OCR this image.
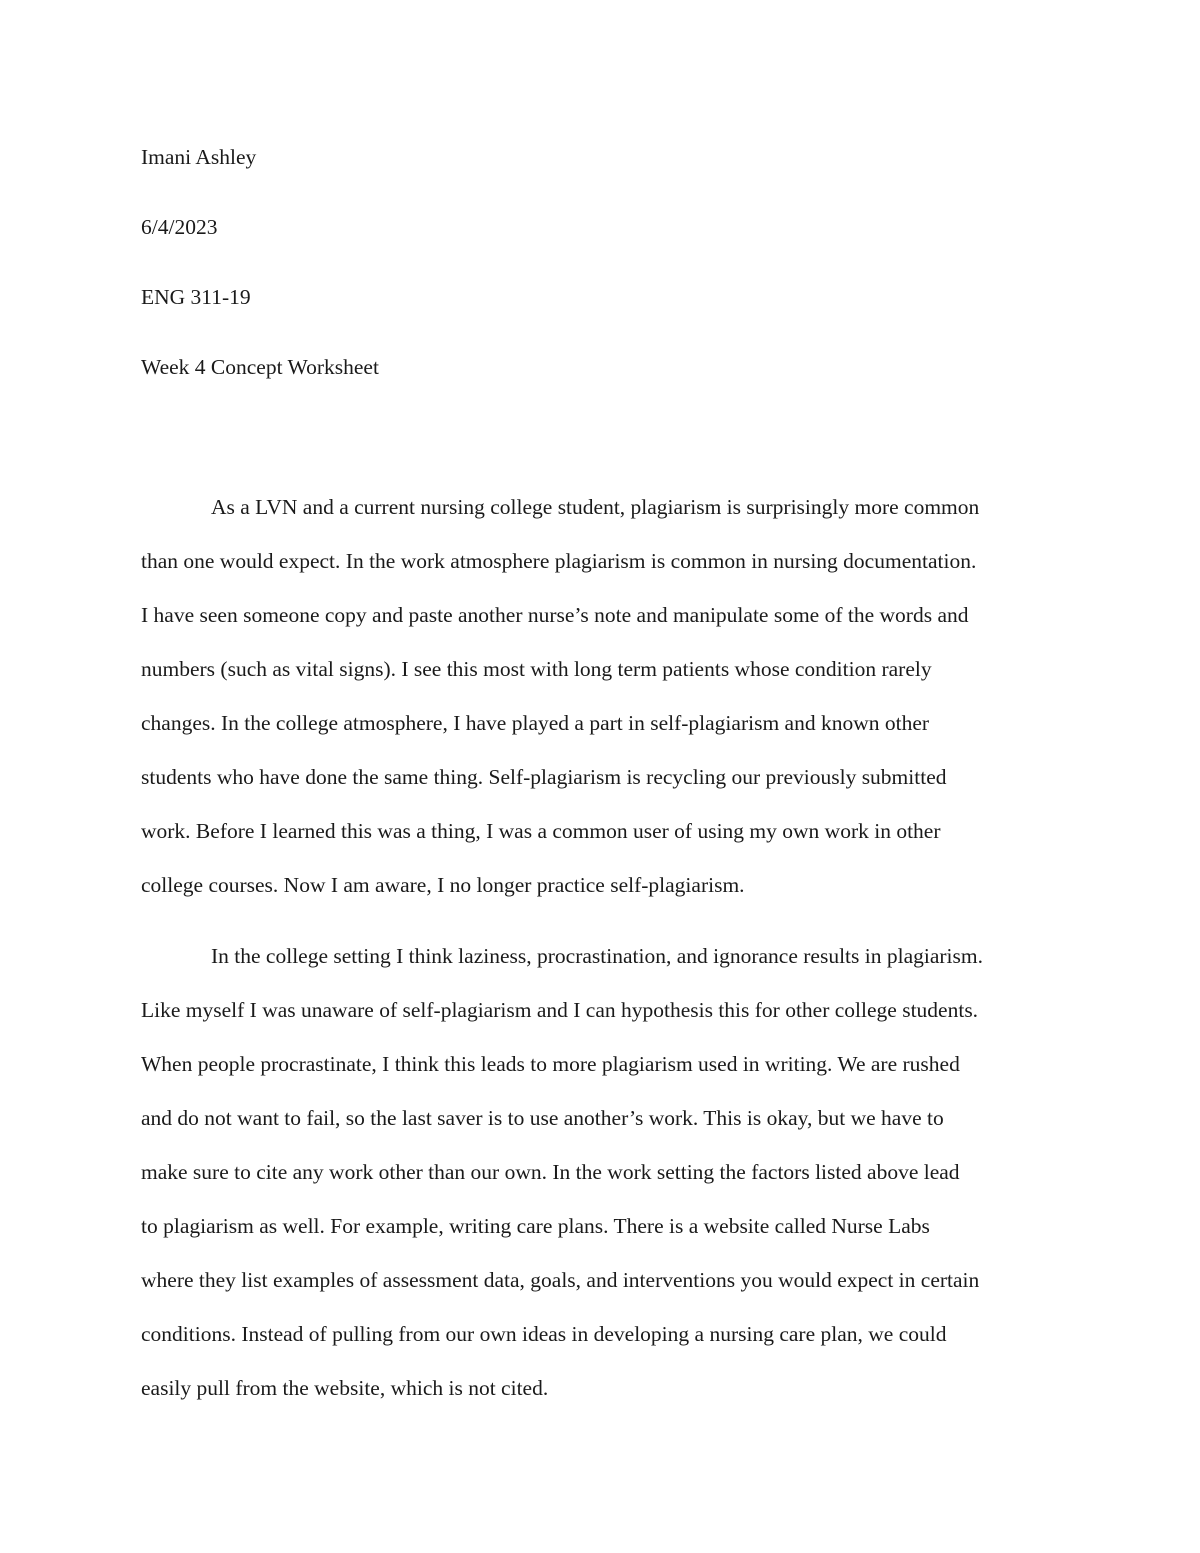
Imani Ashley
6/4/2023
ENG 311-19
Week 4 Concept Worksheet
As a LVN and a current nursing college student, plagiarism is surprisingly more common
than one would expect. In the work atmosphere plagiarism is common in nursing documentation.
I have seen someone copy and paste another nurse’s note and manipulate some of the words and
numbers (such as vital signs). I see this most with long term patients whose condition rarely
changes. In the college atmosphere, I have played a part in self-plagiarism and known other
students who have done the same thing. Self-plagiarism is recycling our previously submitted
work. Before I learned this was a thing, I was a common user of using my own work in other
college courses. Now I am aware, I no longer practice self-plagiarism.
In the college setting I think laziness, procrastination, and ignorance results in plagiarism.
Like myself I was unaware of self-plagiarism and I can hypothesis this for other college students.
When people procrastinate, I think this leads to more plagiarism used in writing. We are rushed
and do not want to fail, so the last saver is to use another’s work. This is okay, but we have to
make sure to cite any work other than our own. In the work setting the factors listed above lead
to plagiarism as well. For example, writing care plans. There is a website called Nurse Labs
where they list examples of assessment data, goals, and interventions you would expect in certain
conditions. Instead of pulling from our own ideas in developing a nursing care plan, we could
easily pull from the website, which is not cited.
